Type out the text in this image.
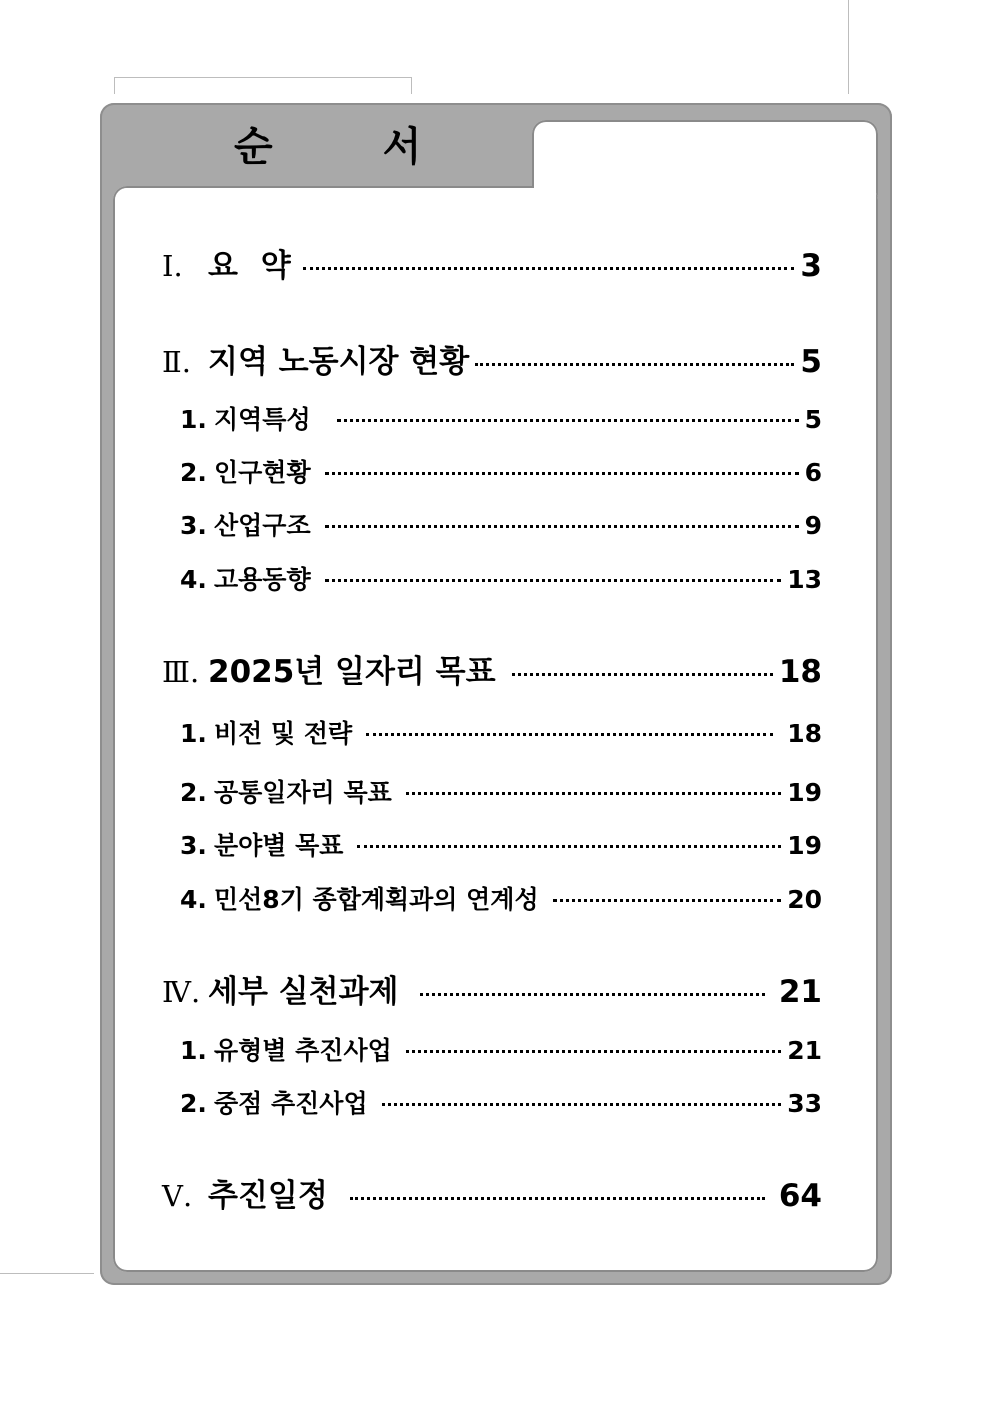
순 서
Ⅰ. 요 약	3
Ⅱ. 지역 노동시장 현황	5
1. 지역특성	5
2. 인구현황	6
3. 산업구조	9
4. 고용동향	13
Ⅲ. 2025년 일자리 목표	18
1. 비전 및 전략	18
2. 공통일자리 목표	19
3. 분야별 목표	19
4. 민선8기 종합계획과의 연계성	20
Ⅳ. 세부 실천과제	21
1. 유형별 추진사업	21
2. 중점 추진사업	33
Ⅴ. 추진일정	64
